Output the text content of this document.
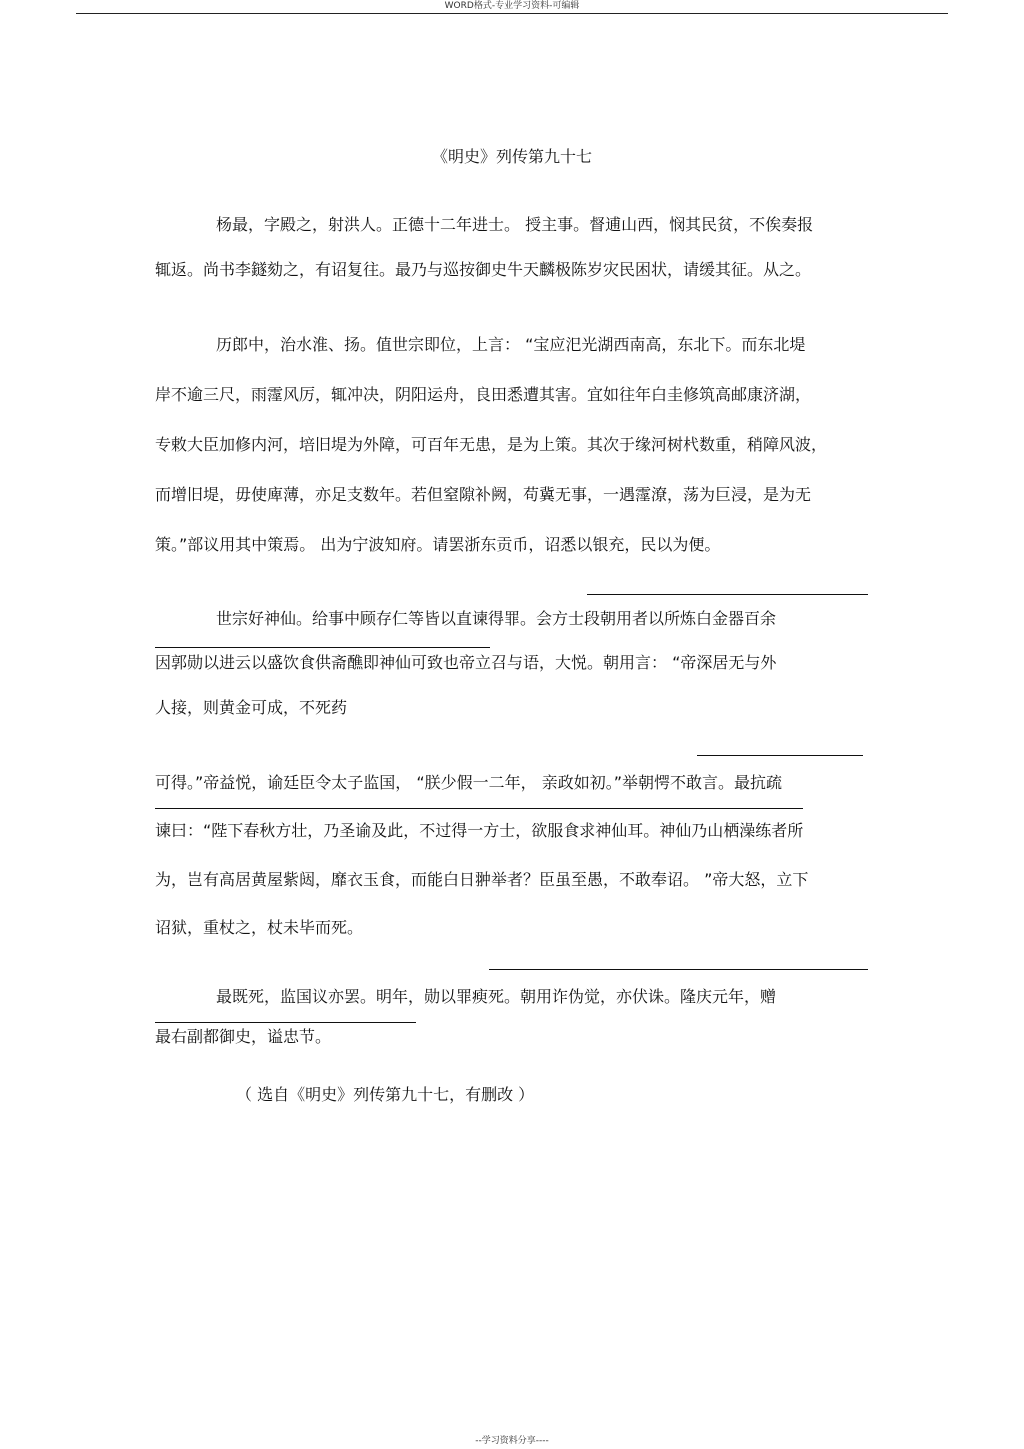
WORD格式-专业学习资料-可编辑
《明史》列传第九十七
杨最，字殿之，射洪人。正德十二年进士。 授主事。督逋山西，悯其民贫，不俟奏报
辄返。尚书李鐩劾之，有诏复往。最乃与巡按御史牛天麟极陈岁灾民困状，请缓其征。从之。
历郎中，治水淮、扬。值世宗即位，上言： “宝应汜光湖西南高，东北下。而东北堤
岸不逾三尺，雨霪风厉，辄冲决，阴阳运舟，良田悉遭其害。宜如往年白圭修筑高邮康济湖，
专敕大臣加修内河，培旧堤为外障，可百年无患，是为上策。其次于缘河树杙数重，稍障风波，
而增旧堤，毋使庳薄，亦足支数年。若但窒隙补阙，苟冀无事，一遇霪潦，荡为巨浸，是为无
策。”部议用其中策焉。 出为宁波知府。请罢浙东贡币，诏悉以银充，民以为便。
世宗好神仙。给事中顾存仁等皆以直谏得罪。会方士段朝用者以所炼白金器百余
因郭勋以进云以盛饮食供斋醮即神仙可致也帝立召与语，大悦。朝用言： “帝深居无与外
人接，则黄金可成，不死药
可得。”帝益悦，谕廷臣令太子监国， “朕少假一二年， 亲政如初。”举朝愕不敢言。最抗疏
谏曰：“陛下春秋方壮，乃圣谕及此，不过得一方士，欲服食求神仙耳。神仙乃山栖澡练者所
为，岂有高居黄屋紫闼，靡衣玉食，而能白日翀举者？臣虽至愚，不敢奉诏。 ”帝大怒，立下
诏狱，重杖之，杖未毕而死。
最既死，监国议亦罢。明年，勋以罪瘐死。朝用诈伪觉，亦伏诛。隆庆元年，赠
最右副都御史，谥忠节。
（ 选自《明史》列传第九十七，有删改 ）
--学习资料分享----
